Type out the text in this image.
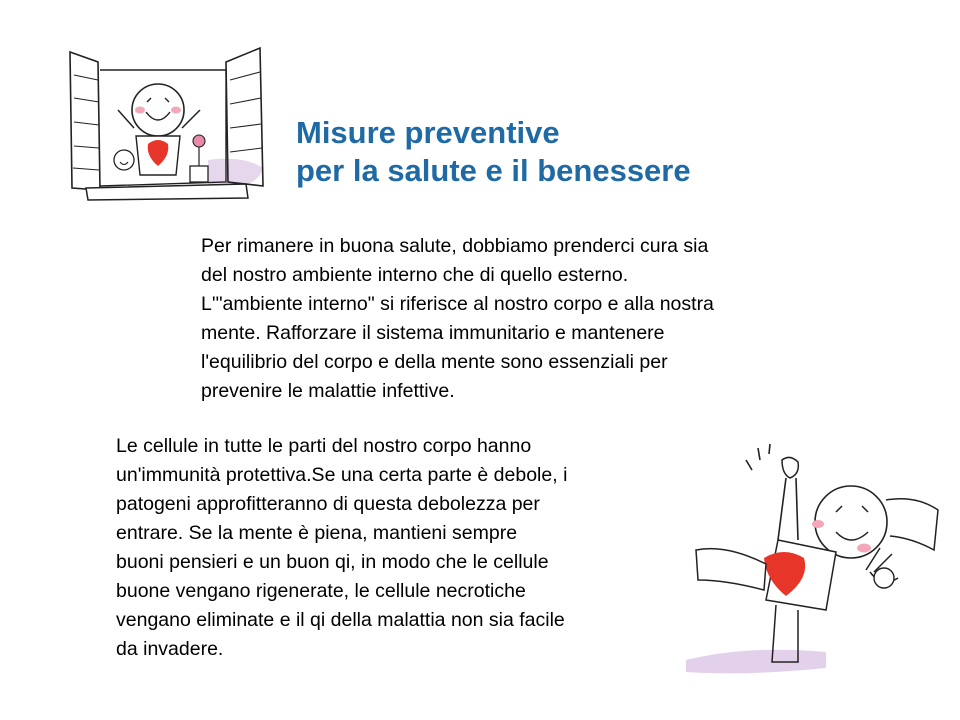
Misure preventive
per la salute e il benessere

Per rimanere in buona salute, dobbiamo prenderci cura sia
del nostro ambiente interno che di quello esterno.
L'"ambiente interno" si riferisce al nostro corpo e alla nostra
mente. Rafforzare il sistema immunitario e mantenere
l'equilibrio del corpo e della mente sono essenziali per
prevenire le malattie infettive.

Le cellule in tutte le parti del nostro corpo hanno
un'immunità protettiva.Se una certa parte è debole, i
patogeni approfitteranno di questa debolezza per
entrare. Se la mente è piena, mantieni sempre
buoni pensieri e un buon qi, in modo che le cellule
buone vengano rigenerate, le cellule necrotiche
vengano eliminate e il qi della malattia non sia facile
da invadere.
